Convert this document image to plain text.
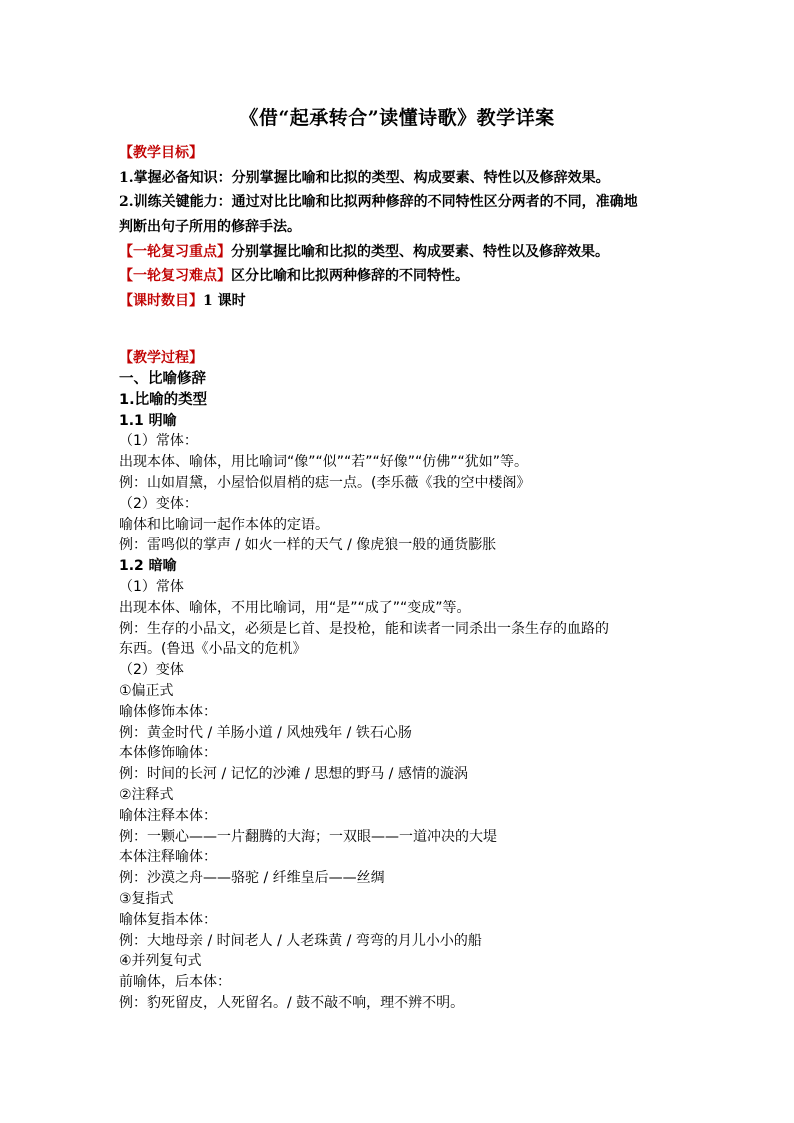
《借“起承转合”读懂诗歌》教学详案

【教学目标】

1.掌握必备知识：分别掌握比喻和比拟的类型、构成要素、特性以及修辞效果。

2.训练关键能力：通过对比比喻和比拟两种修辞的不同特性区分两者的不同，准确地

判断出句子所用的修辞手法。

【一轮复习重点】分别掌握比喻和比拟的类型、构成要素、特性以及修辞效果。

【一轮复习难点】区分比喻和比拟两种修辞的不同特性。

【课时数目】1 课时

【教学过程】

一、比喻修辞

1.比喻的类型

1.1 明喻

（1）常体：

出现本体、喻体，用比喻词“像”“似”“若”“好像”“仿佛”“犹如”等。

例：山如眉黛，小屋恰似眉梢的痣一点。(李乐薇《我的空中楼阁》

（2）变体：

喻体和比喻词一起作本体的定语。

例：雷鸣似的掌声 / 如火一样的天气 / 像虎狼一般的通货膨胀

1.2 暗喻

（1）常体

出现本体、喻体，不用比喻词，用“是”“成了”“变成”等。

例：生存的小品文，必须是匕首、是投枪，能和读者一同杀出一条生存的血路的

东西。(鲁迅《小品文的危机》

（2）变体

①偏正式

喻体修饰本体：

例：黄金时代 / 羊肠小道 / 风烛残年 / 铁石心肠

本体修饰喻体：

例：时间的长河 / 记忆的沙滩 / 思想的野马 / 感情的漩涡

②注释式

喻体注释本体：

例：一颗心——一片翻腾的大海；一双眼——一道冲决的大堤

本体注释喻体：

例：沙漠之舟——骆驼 / 纤维皇后——丝绸

③复指式

喻体复指本体：

例：大地母亲 / 时间老人 / 人老珠黄 / 弯弯的月儿小小的船

④并列复句式

前喻体，后本体：

例：豹死留皮，人死留名。/ 鼓不敲不响，理不辨不明。
